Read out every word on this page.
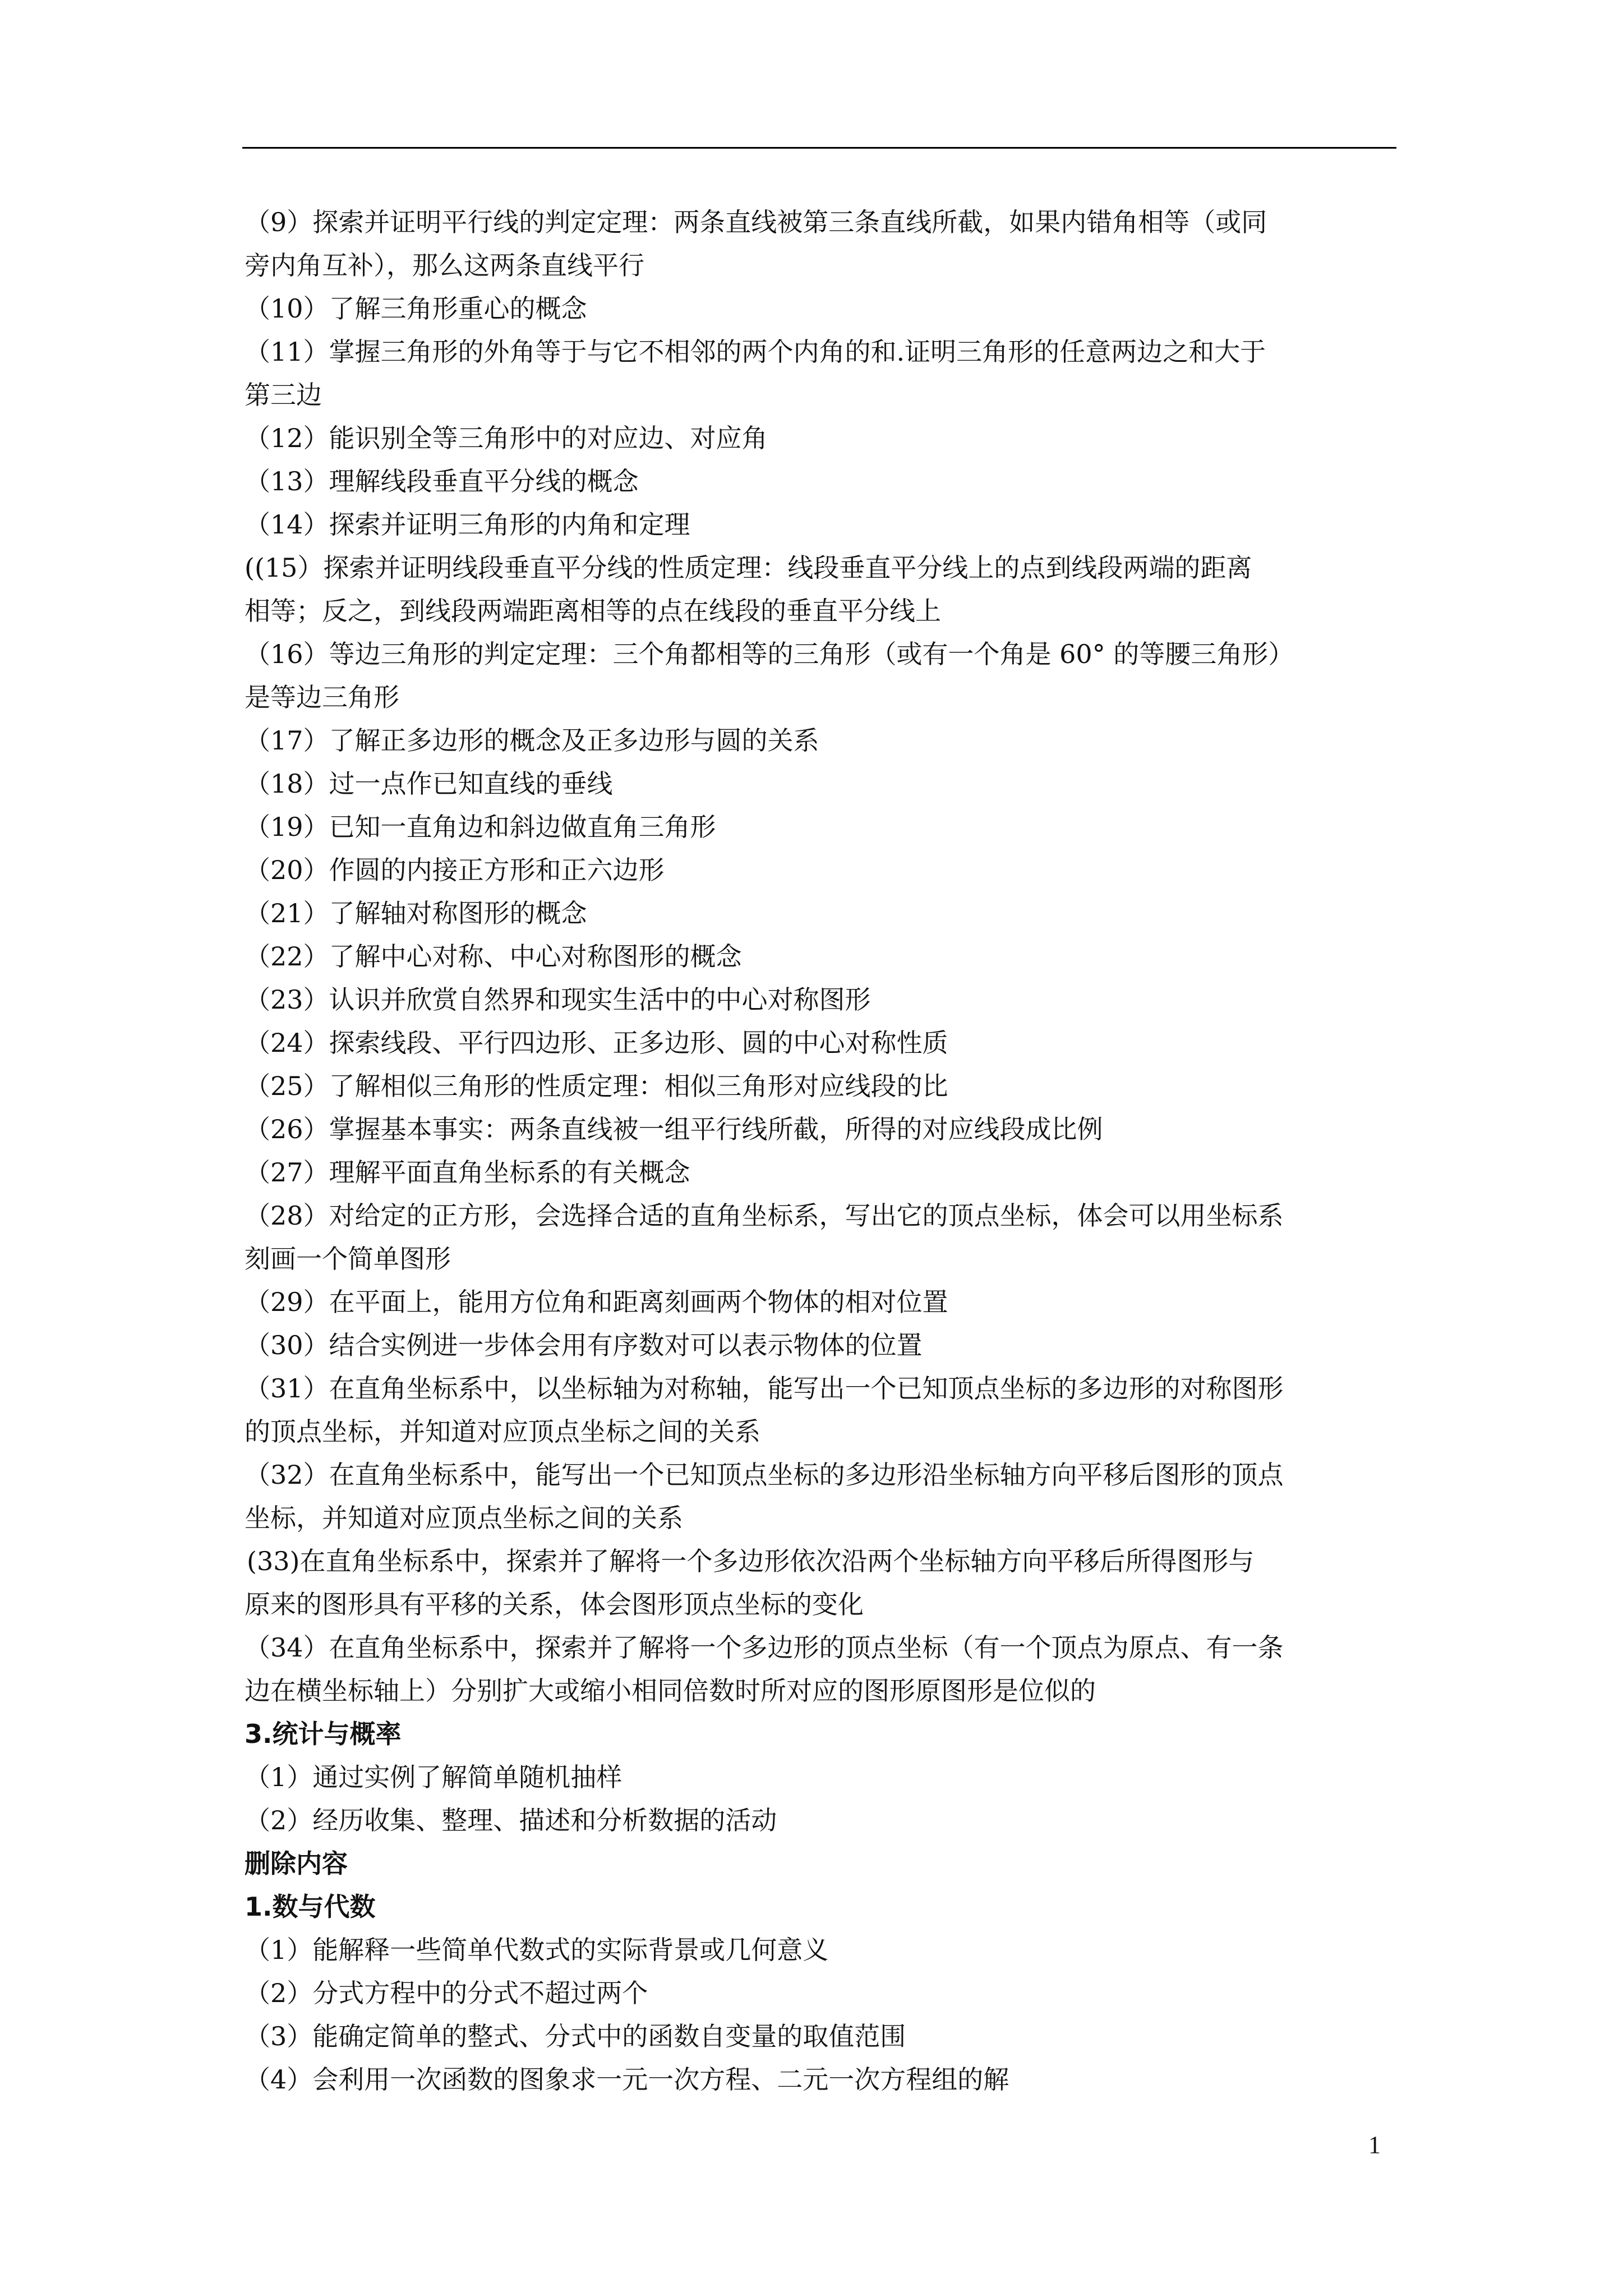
（9）探索并证明平行线的判定定理：两条直线被第三条直线所截，如果内错角相等（或同
旁内角互补），那么这两条直线平行
（10）了解三角形重心的概念
（11）掌握三角形的外角等于与它不相邻的两个内角的和.证明三角形的任意两边之和大于
第三边
（12）能识别全等三角形中的对应边、对应角
（13）理解线段垂直平分线的概念
（14）探索并证明三角形的内角和定理
((15）探索并证明线段垂直平分线的性质定理：线段垂直平分线上的点到线段两端的距离
相等；反之，到线段两端距离相等的点在线段的垂直平分线上
（16）等边三角形的判定定理：三个角都相等的三角形（或有一个角是 60° 的等腰三角形）
是等边三角形
（17）了解正多边形的概念及正多边形与圆的关系
（18）过一点作已知直线的垂线
（19）已知一直角边和斜边做直角三角形
（20）作圆的内接正方形和正六边形
（21）了解轴对称图形的概念
（22）了解中心对称、中心对称图形的概念
（23）认识并欣赏自然界和现实生活中的中心对称图形
（24）探索线段、平行四边形、正多边形、圆的中心对称性质
（25）了解相似三角形的性质定理：相似三角形对应线段的比
（26）掌握基本事实：两条直线被一组平行线所截，所得的对应线段成比例
（27）理解平面直角坐标系的有关概念
（28）对给定的正方形，会选择合适的直角坐标系，写出它的顶点坐标，体会可以用坐标系
刻画一个简单图形
（29）在平面上，能用方位角和距离刻画两个物体的相对位置
（30）结合实例进一步体会用有序数对可以表示物体的位置
（31）在直角坐标系中，以坐标轴为对称轴，能写出一个已知顶点坐标的多边形的对称图形
的顶点坐标，并知道对应顶点坐标之间的关系
（32）在直角坐标系中，能写出一个已知顶点坐标的多边形沿坐标轴方向平移后图形的顶点
坐标，并知道对应顶点坐标之间的关系
(33)在直角坐标系中，探索并了解将一个多边形依次沿两个坐标轴方向平移后所得图形与
原来的图形具有平移的关系，体会图形顶点坐标的变化
（34）在直角坐标系中，探索并了解将一个多边形的顶点坐标（有一个顶点为原点、有一条
边在横坐标轴上）分别扩大或缩小相同倍数时所对应的图形原图形是位似的
3.统计与概率
（1）通过实例了解简单随机抽样
（2）经历收集、整理、描述和分析数据的活动
删除内容
1.数与代数
（1）能解释一些简单代数式的实际背景或几何意义
（2）分式方程中的分式不超过两个
（3）能确定简单的整式、分式中的函数自变量的取值范围
（4）会利用一次函数的图象求一元一次方程、二元一次方程组的解
1
